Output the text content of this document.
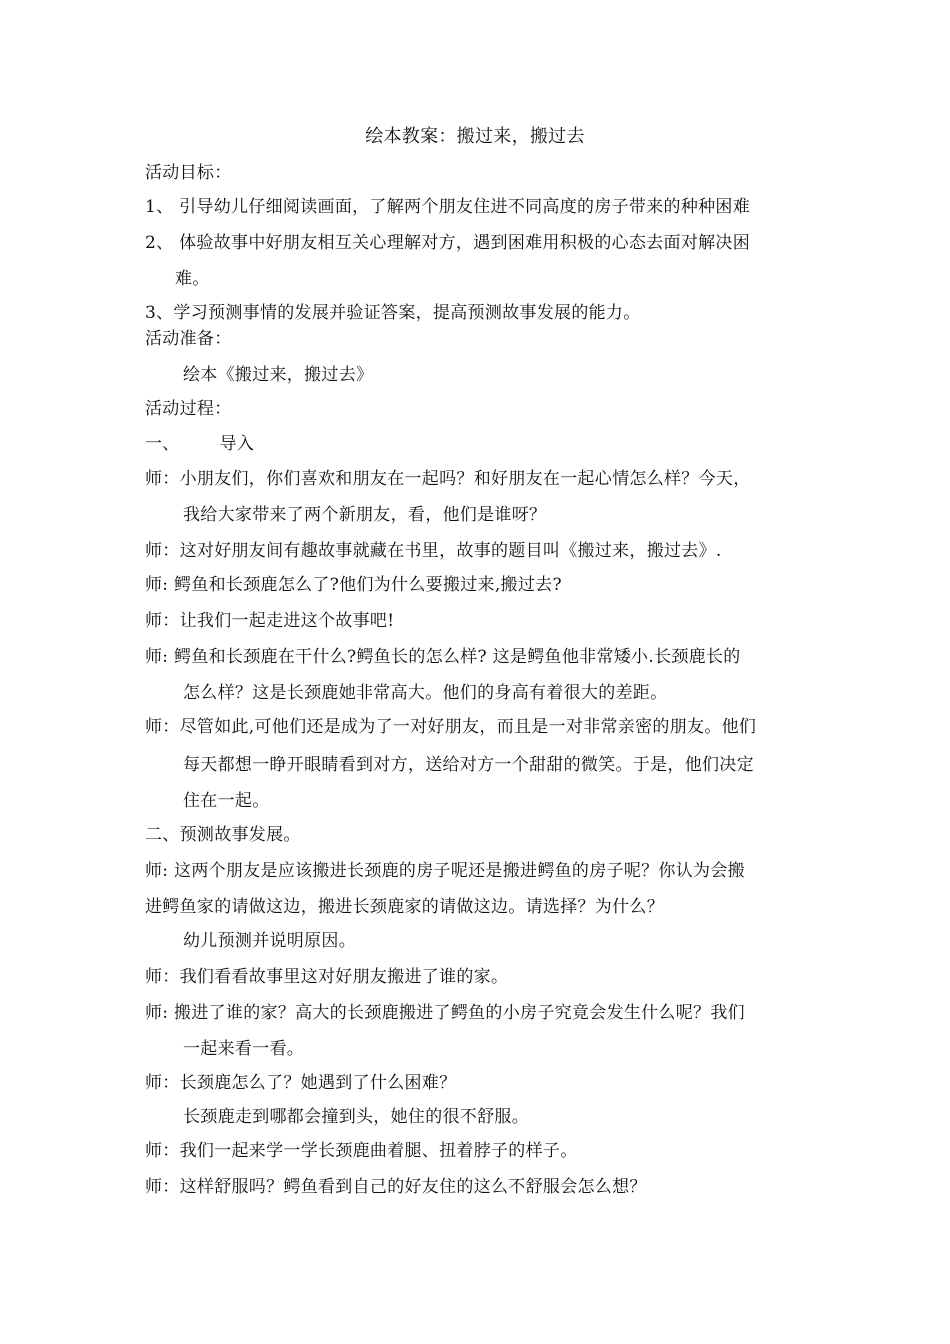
绘本教案：搬过来，搬过去
活动目标：
1、 引导幼儿仔细阅读画面，了解两个朋友住进不同高度的房子带来的种种困难
2、 体验故事中好朋友相互关心理解对方，遇到困难用积极的心态去面对解决困
难。
3、学习预测事情的发展并验证答案，提高预测故事发展的能力。
活动准备：
绘本《搬过来，搬过去》
活动过程：
一、       导入
师：小朋友们，你们喜欢和朋友在一起吗？和好朋友在一起心情怎么样？今天，
我给大家带来了两个新朋友，看，他们是谁呀？
师：这对好朋友间有趣故事就藏在书里，故事的题目叫《搬过来，搬过去》.
师: 鳄鱼和长颈鹿怎么了?他们为什么要搬过来,搬过去?
师：让我们一起走进这个故事吧!
师: 鳄鱼和长颈鹿在干什么?鳄鱼长的怎么样? 这是鳄鱼他非常矮小.长颈鹿长的
怎么样？这是长颈鹿她非常高大。他们的身高有着很大的差距。
师：尽管如此,可他们还是成为了一对好朋友，而且是一对非常亲密的朋友。他们
每天都想一睁开眼睛看到对方，送给对方一个甜甜的微笑。于是，他们决定
住在一起。
二、预测故事发展。
师: 这两个朋友是应该搬进长颈鹿的房子呢还是搬进鳄鱼的房子呢？你认为会搬
进鳄鱼家的请做这边，搬进长颈鹿家的请做这边。请选择？为什么？
幼儿预测并说明原因。
师：我们看看故事里这对好朋友搬进了谁的家。
师: 搬进了谁的家？高大的长颈鹿搬进了鳄鱼的小房子究竟会发生什么呢？我们
一起来看一看。
师：长颈鹿怎么了？她遇到了什么困难？
长颈鹿走到哪都会撞到头，她住的很不舒服。
师：我们一起来学一学长颈鹿曲着腿、扭着脖子的样子。
师：这样舒服吗？鳄鱼看到自己的好友住的这么不舒服会怎么想？
